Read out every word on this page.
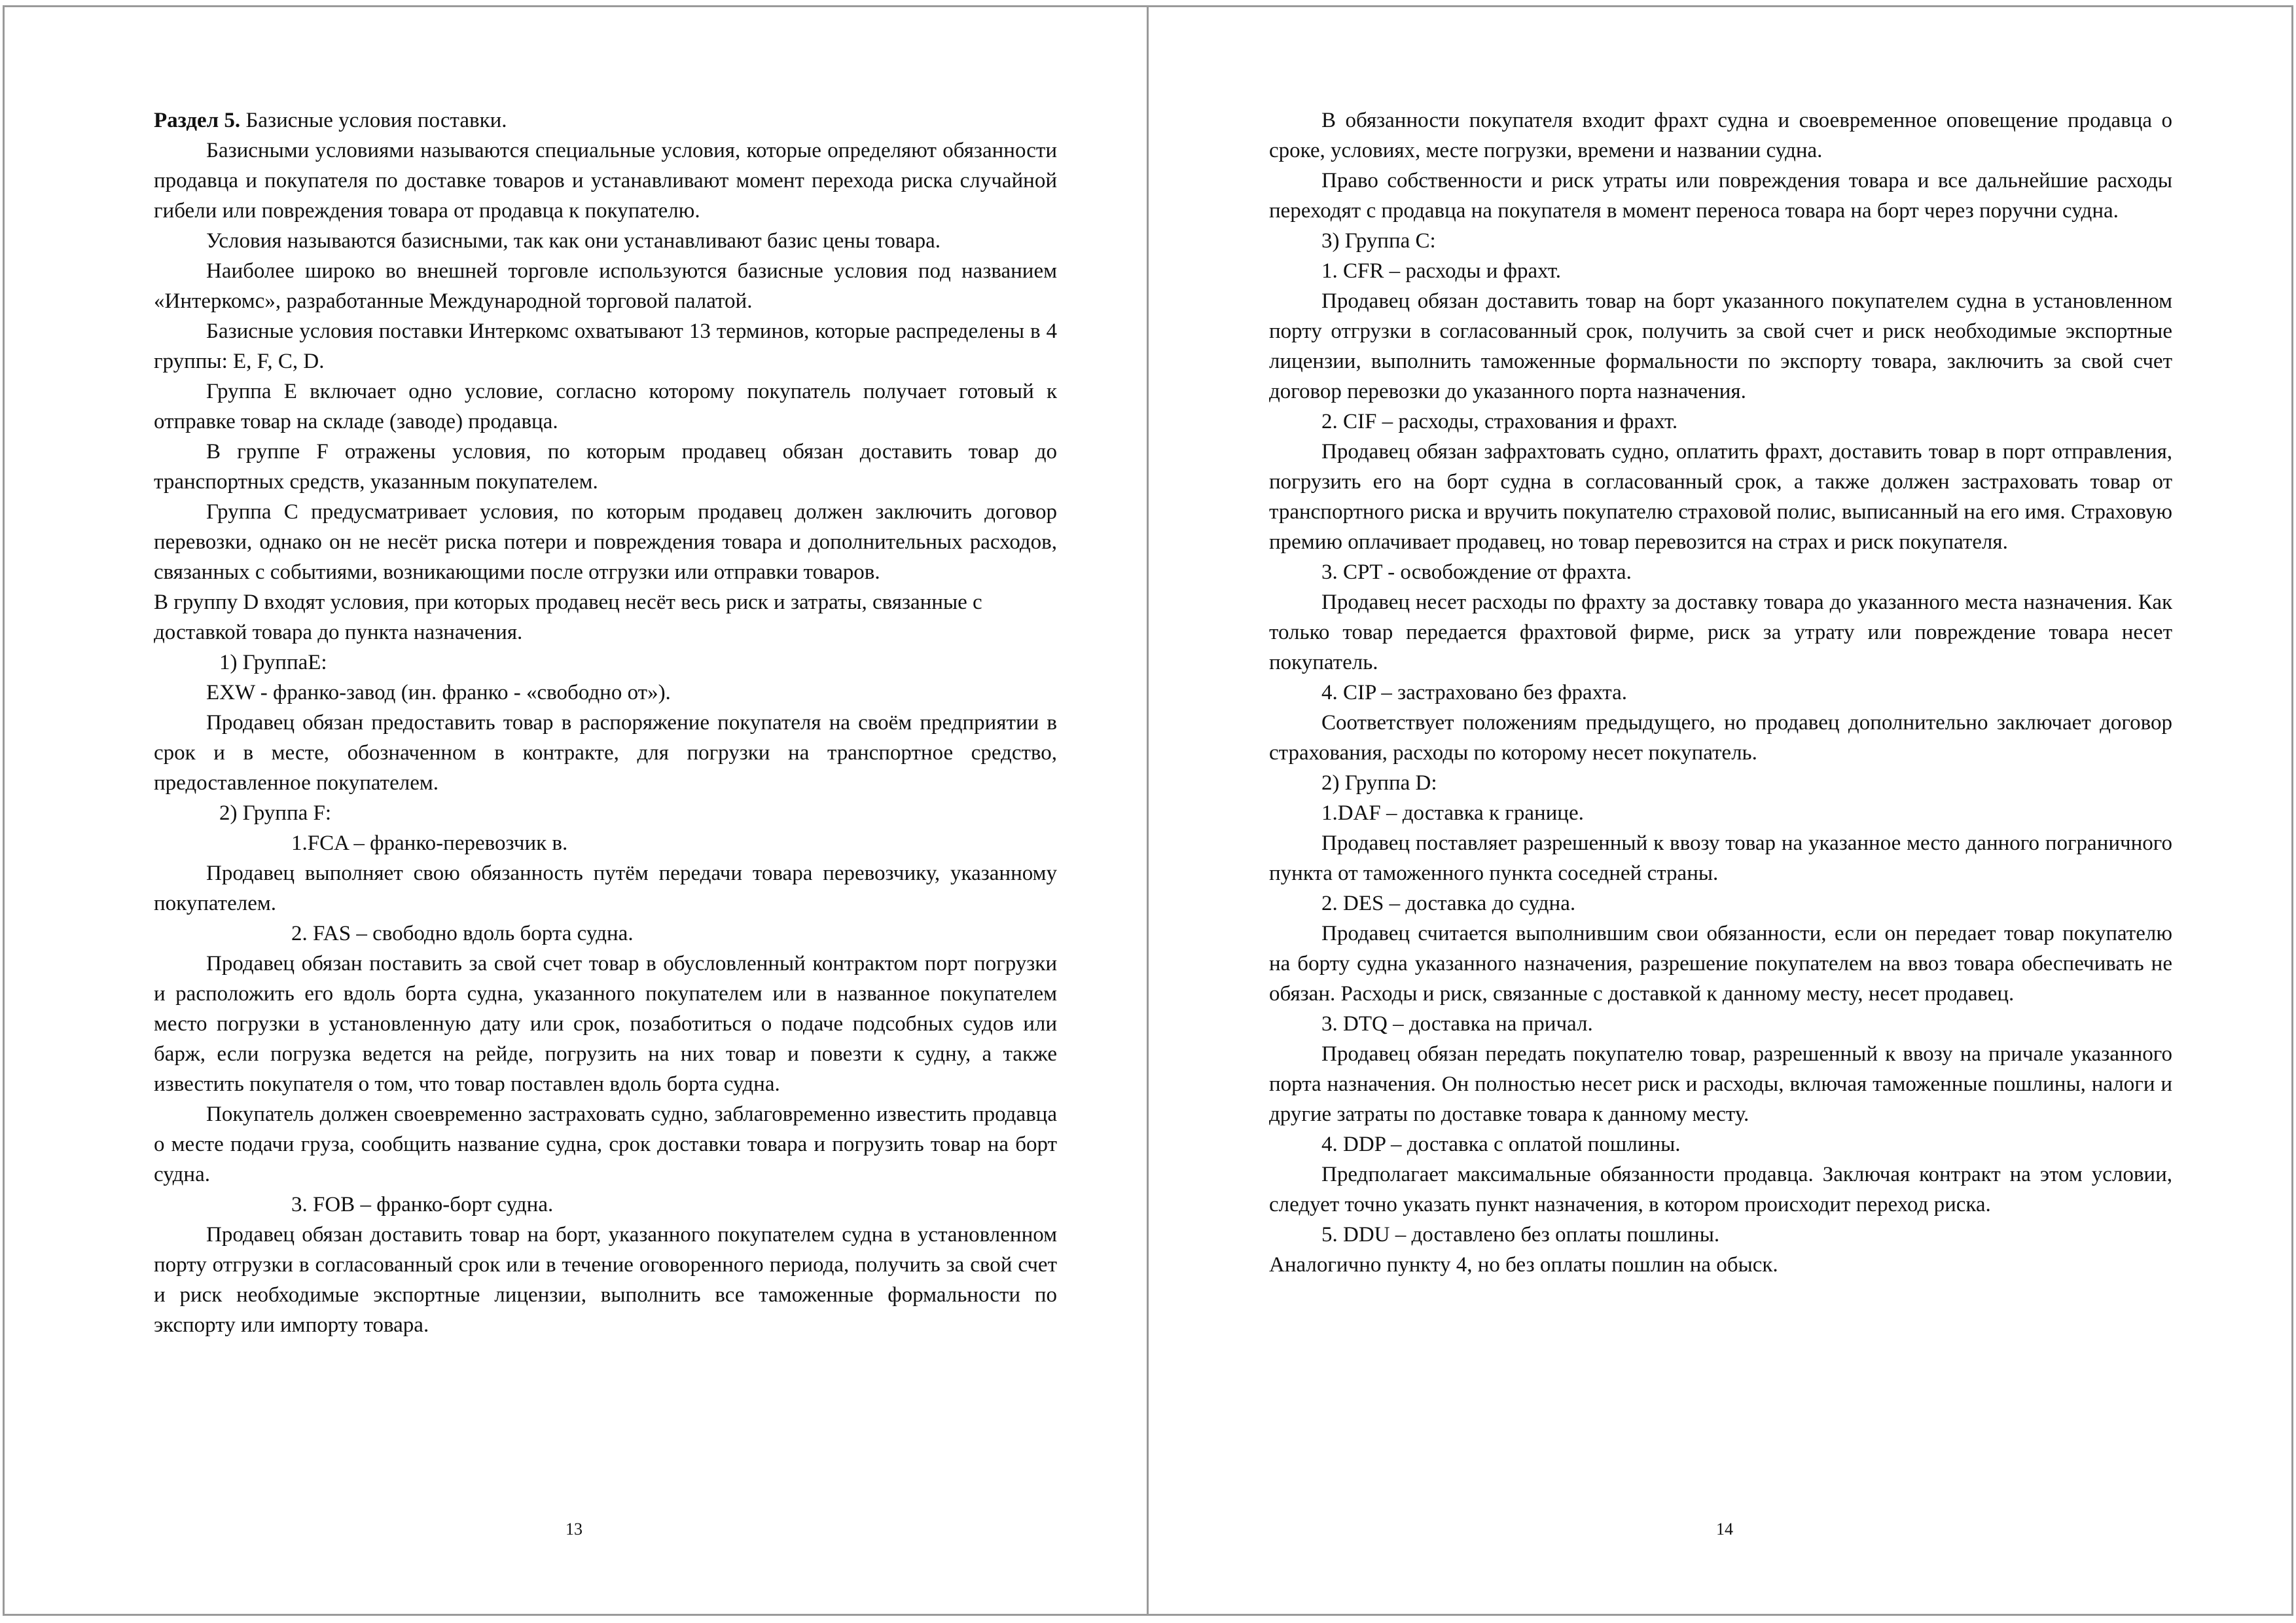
Раздел 5. Базисные условия поставки.

Базисными условиями называются специальные условия, которые определяют обязанности продавца и покупателя по доставке товаров и устанавливают момент перехода риска случайной гибели или повреждения товара от продавца к покупателю.

Условия называются базисными, так как они устанавливают базис цены товара.

Наиболее широко во внешней торговле используются базисные условия под названием «Интеркомс», разработанные Международной торговой палатой.

Базисные условия поставки Интеркомс охватывают 13 терминов, которые распределены в 4 группы: E, F, C, D.

Группа E включает одно условие, согласно которому покупатель получает готовый к отправке товар на складе (заводе) продавца.

В группе F отражены условия, по которым продавец обязан доставить товар до транспортных средств, указанным покупателем.

Группа C предусматривает условия, по которым продавец должен заключить договор перевозки, однако он не несёт риска потери и повреждения товара и дополнительных расходов, связанных с событиями, возникающими после отгрузки или отправки товаров.

В группу D входят условия, при которых продавец несёт весь риск и затраты, связанные с доставкой товара до пункта назначения.

1) ГруппаE:

EXW - франко-завод (ин. франко - «свободно от»).

Продавец обязан предоставить товар в распоряжение покупателя на своём предприятии в срок и в месте, обозначенном в контракте, для погрузки на транспортное средство, предоставленное покупателем.

2) Группа F:

1.FCA – франко-перевозчик в.

Продавец выполняет свою обязанность путём передачи товара перевозчику, указанному покупателем.

2. FAS – свободно вдоль борта судна.

Продавец обязан поставить за свой счет товар в обусловленный контрактом порт погрузки и расположить его вдоль борта судна, указанного покупателем или в названное покупателем место погрузки в установленную дату или срок, позаботиться о подаче подсобных судов или барж, если погрузка ведется на рейде, погрузить на них товар и повезти к судну, а также известить покупателя о том, что товар поставлен вдоль борта судна.

Покупатель должен своевременно застраховать судно, заблаговременно известить продавца о месте подачи груза, сообщить название судна, срок доставки товара и погрузить товар на борт судна.

3. FOB – франко-борт судна.

Продавец обязан доставить товар на борт, указанного покупателем судна в установленном порту отгрузки в согласованный срок или в течение оговоренного периода, получить за свой счет и риск необходимые экспортные лицензии, выполнить все таможенные формальности по экспорту или импорту товара.

13

В обязанности покупателя входит фрахт судна и своевременное оповещение продавца о сроке, условиях, месте погрузки, времени и названии судна.

Право собственности и риск утраты или повреждения товара и все дальнейшие расходы переходят с продавца на покупателя в момент переноса товара на борт через поручни судна.

3) Группа C:

1. CFR – расходы и фрахт.

Продавец обязан доставить товар на борт указанного покупателем судна в установленном порту отгрузки в согласованный срок, получить за свой счет и риск необходимые экспортные лицензии, выполнить таможенные формальности по экспорту товара, заключить за свой счет договор перевозки до указанного порта назначения.

2. CIF – расходы, страхования и фрахт.

Продавец обязан зафрахтовать судно, оплатить фрахт, доставить товар в порт отправления, погрузить его на борт судна в согласованный срок, а также должен застраховать товар от транспортного риска и вручить покупателю страховой полис, выписанный на его имя. Страховую премию оплачивает продавец, но товар перевозится на страх и риск покупателя.

3. CPT - освобождение от фрахта.

Продавец несет расходы по фрахту за доставку товара до указанного места назначения. Как только товар передается фрахтовой фирме, риск за утрату или повреждение товара несет покупатель.

4. CIP – застраховано без фрахта.

Соответствует положениям предыдущего, но продавец дополнительно заключает договор страхования, расходы по которому несет покупатель.

2) Группа D:

1.DAF – доставка к границе.

Продавец поставляет разрешенный к ввозу товар на указанное место данного пограничного пункта от таможенного пункта соседней страны.

2. DES – доставка до судна.

Продавец считается выполнившим свои обязанности, если он передает товар покупателю на борту судна указанного назначения, разрешение покупателем на ввоз товара обеспечивать не обязан. Расходы и риск, связанные с доставкой к данному месту, несет продавец.

3. DTQ – доставка на причал.

Продавец обязан передать покупателю товар, разрешенный к ввозу на причале указанного порта назначения. Он полностью несет риск и расходы, включая таможенные пошлины, налоги и другие затраты по доставке товара к данному месту.

4. DDP – доставка с оплатой пошлины.

Предполагает максимальные обязанности продавца. Заключая контракт на этом условии, следует точно указать пункт назначения, в котором происходит переход риска.

5. DDU – доставлено без оплаты пошлины.

Аналогично пункту 4, но без оплаты пошлин на обыск.

14
